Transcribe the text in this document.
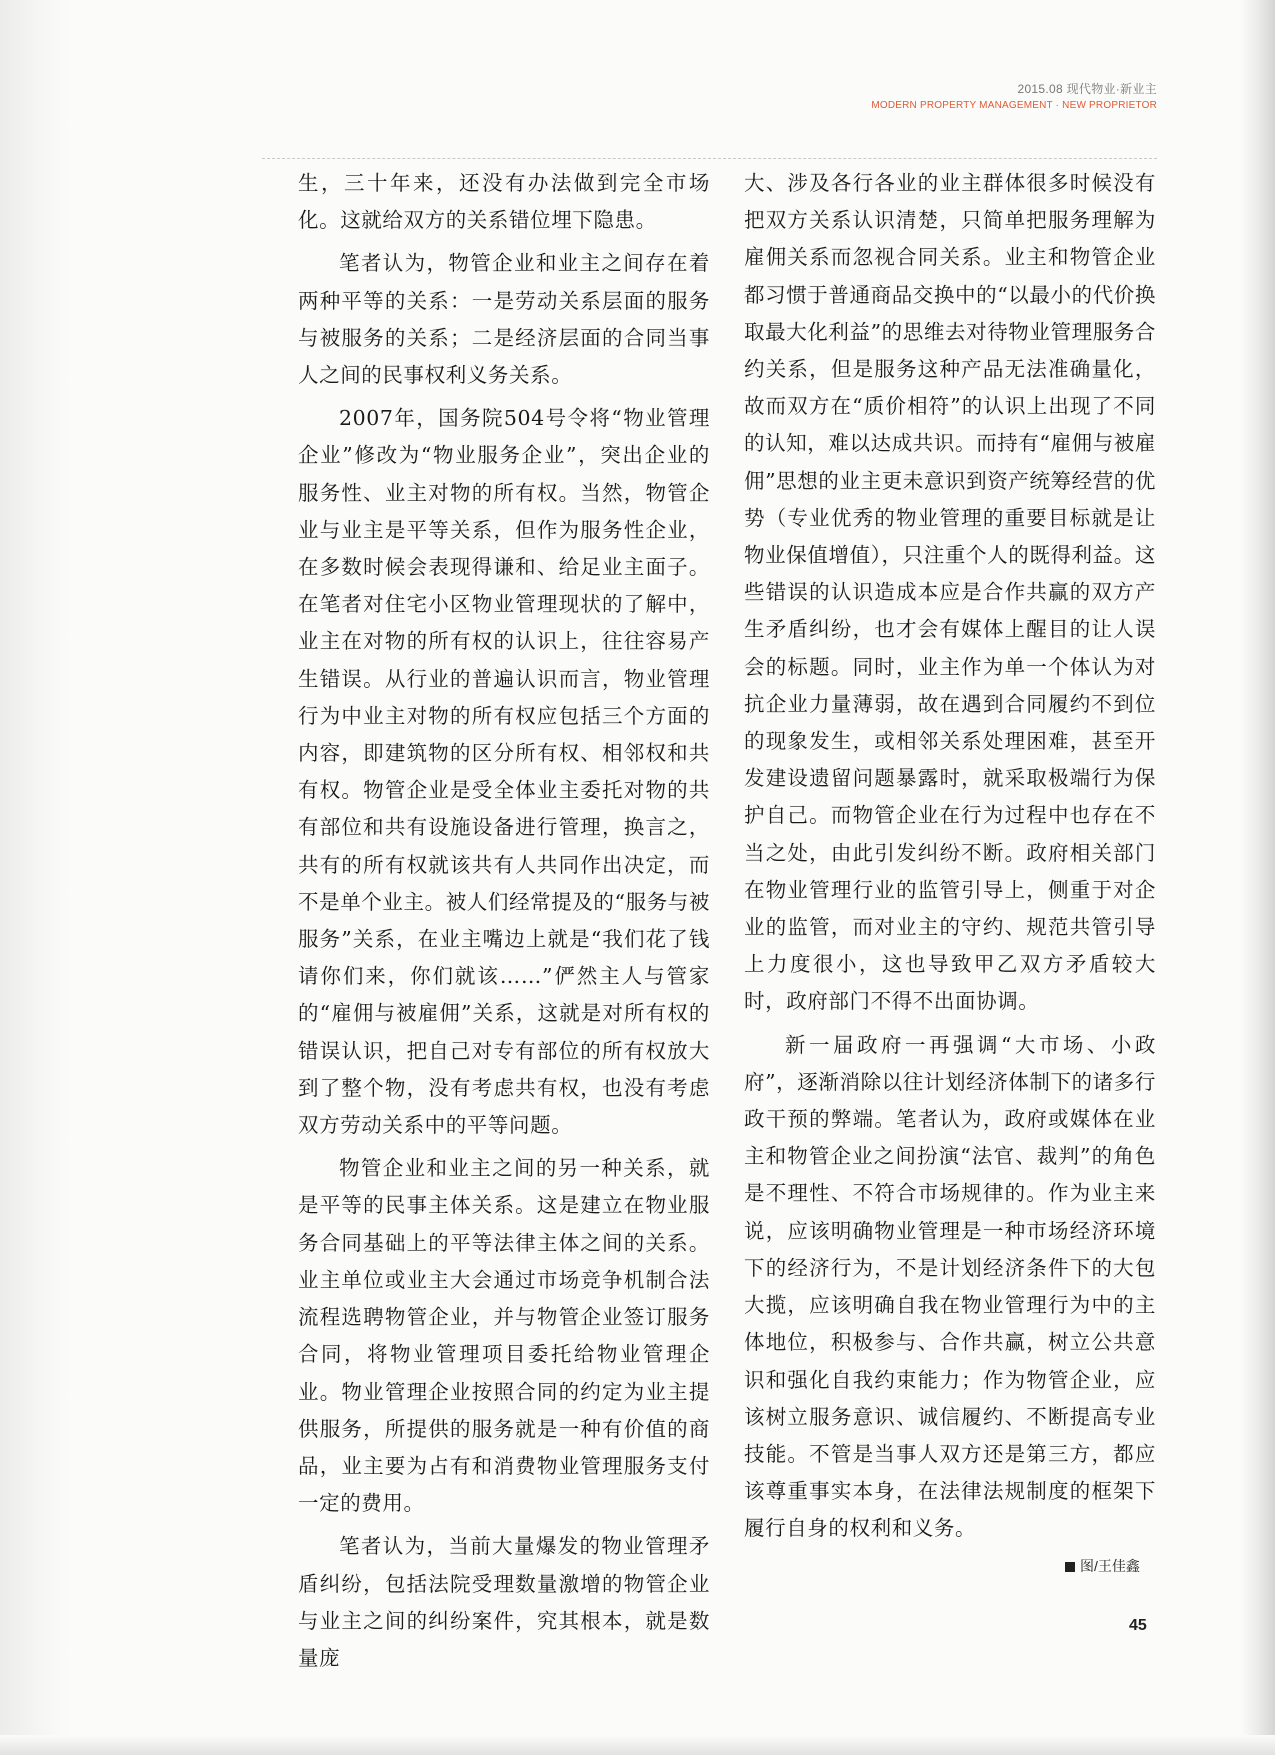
2015.08 现代物业·新业主
MODERN PROPERTY MANAGEMENT · NEW PROPRIETOR

生，三十年来，还没有办法做到完全市场化。这就给双方的关系错位埋下隐患。

笔者认为，物管企业和业主之间存在着两种平等的关系：一是劳动关系层面的服务与被服务的关系；二是经济层面的合同当事人之间的民事权利义务关系。

2007年，国务院504号令将“物业管理企业”修改为“物业服务企业”，突出企业的服务性、业主对物的所有权。当然，物管企业与业主是平等关系，但作为服务性企业，在多数时候会表现得谦和、给足业主面子。在笔者对住宅小区物业管理现状的了解中，业主在对物的所有权的认识上，往往容易产生错误。从行业的普遍认识而言，物业管理行为中业主对物的所有权应包括三个方面的内容，即建筑物的区分所有权、相邻权和共有权。物管企业是受全体业主委托对物的共有部位和共有设施设备进行管理，换言之，共有的所有权就该共有人共同作出决定，而不是单个业主。被人们经常提及的“服务与被服务”关系，在业主嘴边上就是“我们花了钱请你们来，你们就该……”俨然主人与管家的“雇佣与被雇佣”关系，这就是对所有权的错误认识，把自己对专有部位的所有权放大到了整个物，没有考虑共有权，也没有考虑双方劳动关系中的平等问题。

物管企业和业主之间的另一种关系，就是平等的民事主体关系。这是建立在物业服务合同基础上的平等法律主体之间的关系。业主单位或业主大会通过市场竞争机制合法流程选聘物管企业，并与物管企业签订服务合同，将物业管理项目委托给物业管理企业。物业管理企业按照合同的约定为业主提供服务，所提供的服务就是一种有价值的商品，业主要为占有和消费物业管理服务支付一定的费用。

笔者认为，当前大量爆发的物业管理矛盾纠纷，包括法院受理数量激增的物管企业与业主之间的纠纷案件，究其根本，就是数量庞

大、涉及各行各业的业主群体很多时候没有把双方关系认识清楚，只简单把服务理解为雇佣关系而忽视合同关系。业主和物管企业都习惯于普通商品交换中的“以最小的代价换取最大化利益”的思维去对待物业管理服务合约关系，但是服务这种产品无法准确量化，故而双方在“质价相符”的认识上出现了不同的认知，难以达成共识。而持有“雇佣与被雇佣”思想的业主更未意识到资产统筹经营的优势（专业优秀的物业管理的重要目标就是让物业保值增值），只注重个人的既得利益。这些错误的认识造成本应是合作共赢的双方产生矛盾纠纷，也才会有媒体上醒目的让人误会的标题。同时，业主作为单一个体认为对抗企业力量薄弱，故在遇到合同履约不到位的现象发生，或相邻关系处理困难，甚至开发建设遗留问题暴露时，就采取极端行为保护自己。而物管企业在行为过程中也存在不当之处，由此引发纠纷不断。政府相关部门在物业管理行业的监管引导上，侧重于对企业的监管，而对业主的守约、规范共管引导上力度很小，这也导致甲乙双方矛盾较大时，政府部门不得不出面协调。

新一届政府一再强调“大市场、小政府”，逐渐消除以往计划经济体制下的诸多行政干预的弊端。笔者认为，政府或媒体在业主和物管企业之间扮演“法官、裁判”的角色是不理性、不符合市场规律的。作为业主来说，应该明确物业管理是一种市场经济环境下的经济行为，不是计划经济条件下的大包大揽，应该明确自我在物业管理行为中的主体地位，积极参与、合作共赢，树立公共意识和强化自我约束能力；作为物管企业，应该树立服务意识、诚信履约、不断提高专业技能。不管是当事人双方还是第三方，都应该尊重事实本身，在法律法规制度的框架下履行自身的权利和义务。

图/王佳鑫
45
